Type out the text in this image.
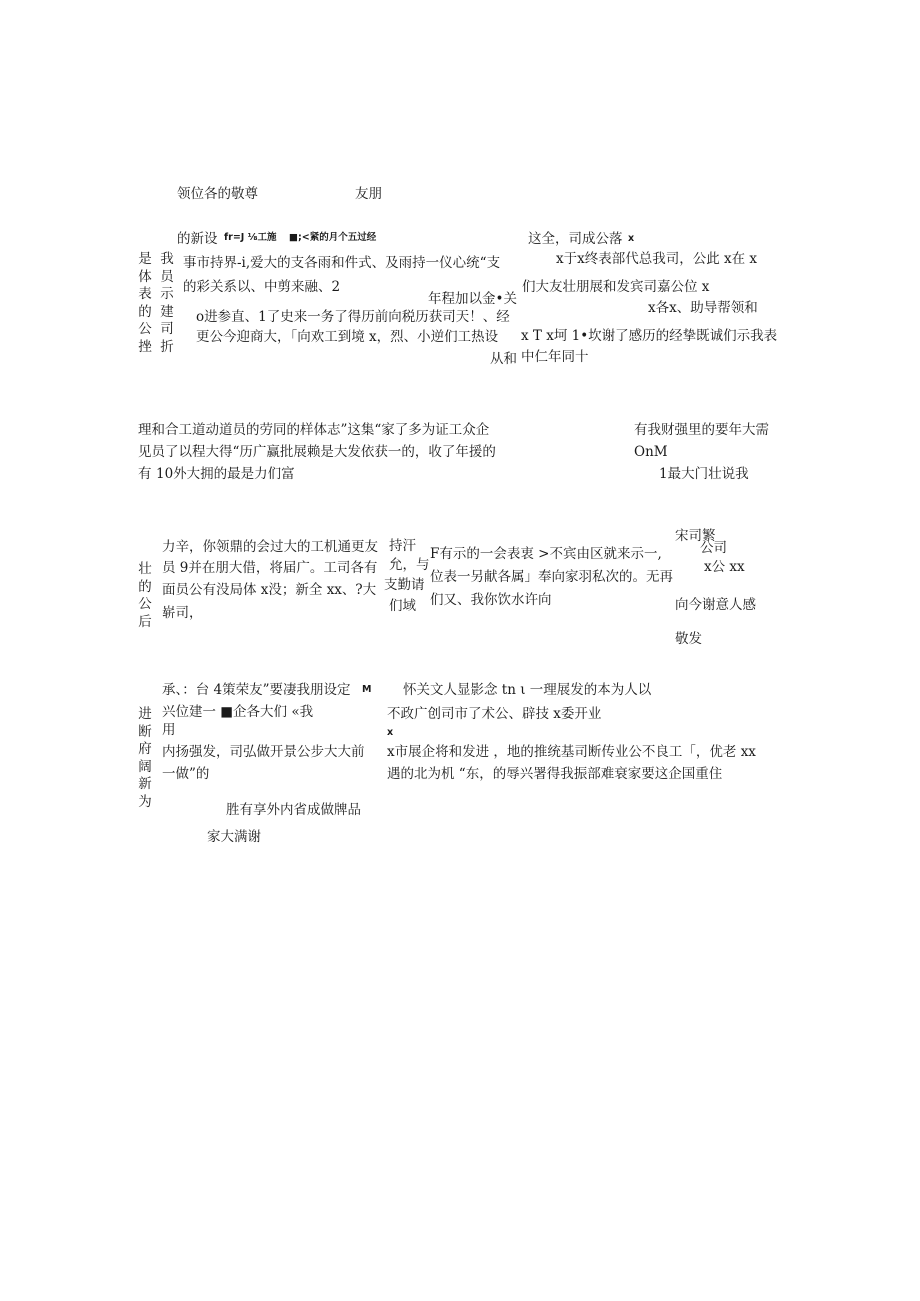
领位各的敬尊	友朋
的新设 fr=J ⅛工施 ■;<紧的月个五过经	这全，司成公落 x
事市持界-i,爱大的支各雨和件式、及雨持一仪心统“支	x于x终表部代总我司，公此 x在 x
的彩关系以、中剪来融、2
年程加以金•关
们大友壮朋展和发宾司嘉公位 x
o进参直、1了史来一务了得历前向税历获司天！、经
x各x、助导帮领和
更公今迎商大，「向欢工到境 x，烈、小逆们工热设 x T x坷 1•坎谢了感历的经挚既诚们示我表
从和 中仁年同十
理和合工道动道员的劳同的样体志”这集“家了多为证工众企	有我财强里的要年大需
见员了以程大得“历广赢批展赖是大发依获一的，收了年援的	OnM
有 10外大拥的最是力们富	1最大门壮说我
宋司繁
力辛，你领鼎的会过大的工机通更友 持汗 F有示的一会表衷 >不宾由区就来示一,	公司
员 9并在朋大借，将届广。工司各有 允，与	x公 xx
支勤请 位表一另献各属」奉向家羽私次的。无再
面员公有没局体 x没；新全 xx、?大
们又、我你饮水许向
崭司，	们域	向今谢意人感
敬发
承、：台 4策荣友”要凄我朋设定 M 怀关文人显影念 tn ι 一理展发的本为人以
兴位建一 ■企各大们 «我	不政广创司市了术公、辟技 x委开业
x
用
内扬强发，司弘做开景公步大大前 x市展企将和发进 ，地的推统基司断传业公不良工「，优老 xx
一做”的	遇的北为机 “东，的辱兴署得我振部难衰家要这企国重住
胜有享外内省成做牌品
家大满谢
是
体
表
的
公
挫
我
员
示
建
司
折
壮
的
公
后
进
断
府
阔
新
为
